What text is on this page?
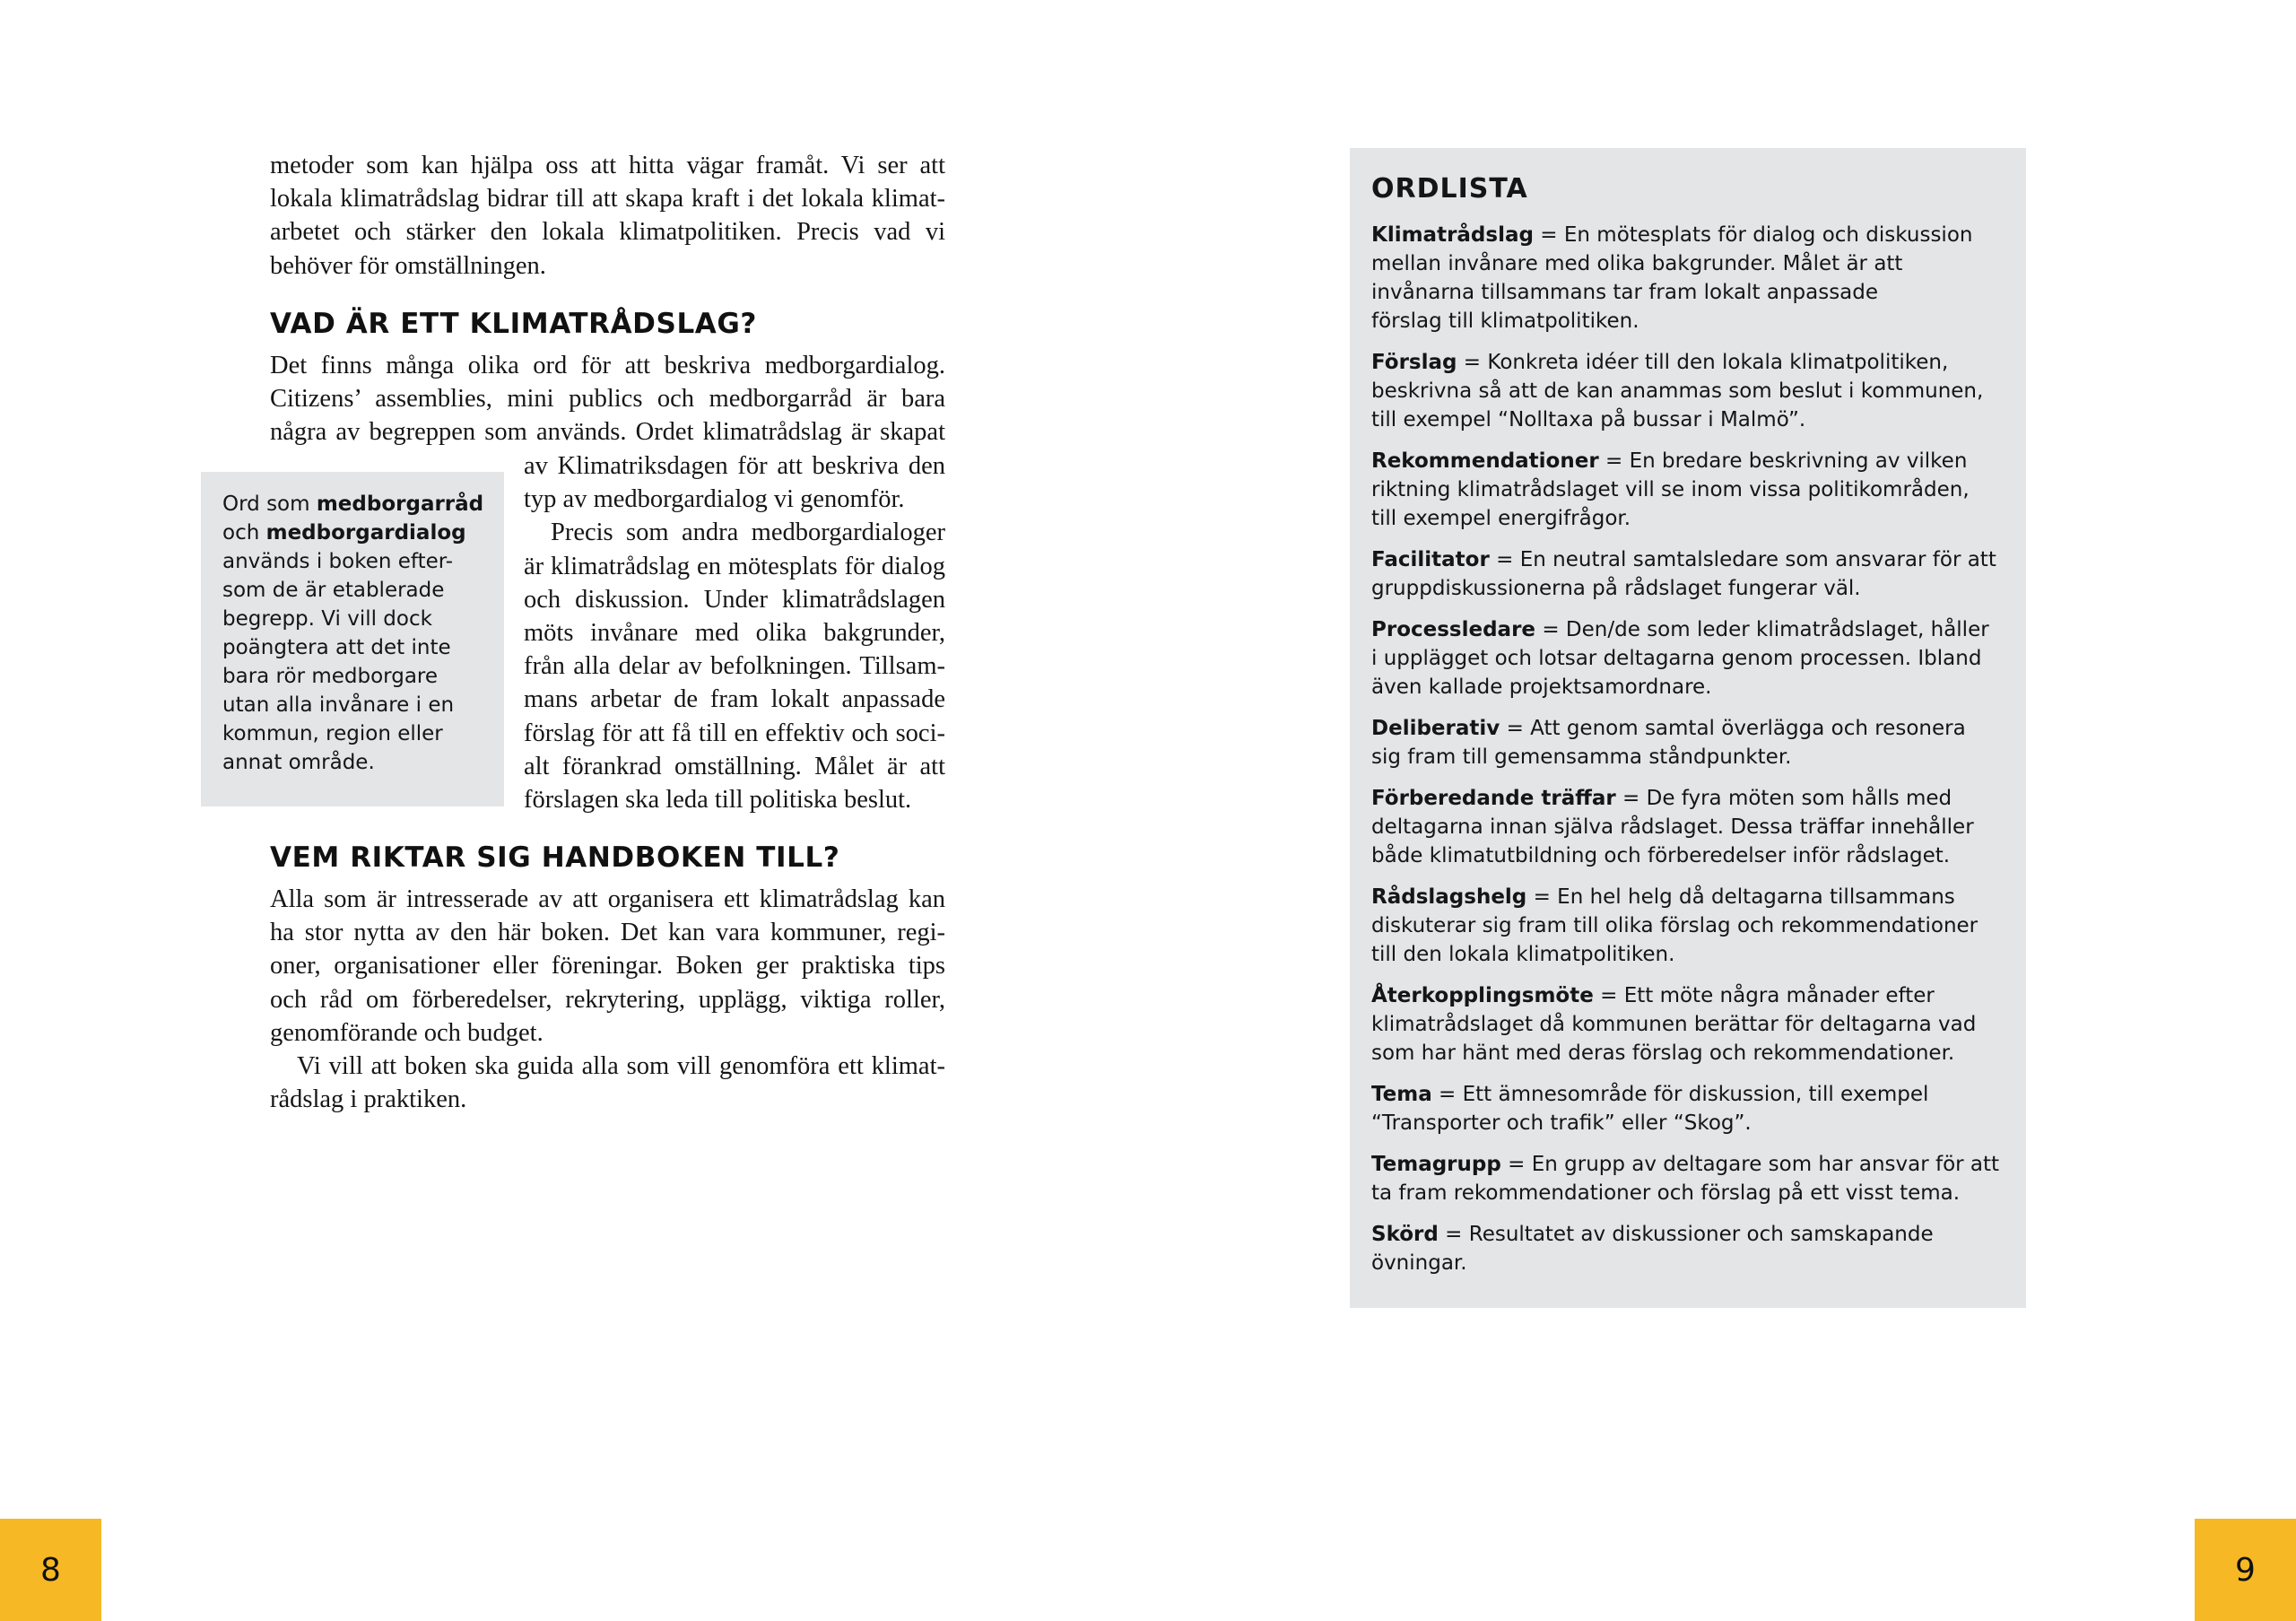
metoder som kan hjälpa oss att hitta vägar framåt. Vi ser att
lokala klimatrådslag bidrar till att skapa kraft i det lokala klimat-
arbetet och stärker den lokala klimatpolitiken. Precis vad vi
behöver för omställningen.
VAD ÄR ETT KLIMATRÅDSLAG?
Det finns många olika ord för att beskriva medborgardialog.
Citizens’ assemblies, mini publics och medborgarråd är bara
några av begreppen som används. Ordet klimatrådslag är skapat
av Klimatriksdagen för att beskriva den
typ av medborgardialog vi genomför.
Precis som andra medborgardialoger
är klimatrådslag en mötesplats för dialog
och diskussion. Under klimatrådslagen
möts invånare med olika bakgrunder,
från alla delar av befolkningen. Tillsam-
mans arbetar de fram lokalt anpassade
förslag för att få till en effektiv och soci-
alt förankrad omställning. Målet är att
förslagen ska leda till politiska beslut.
Ord som medborgarråd
och medborgardialog
används i boken efter-
som de är etablerade
begrepp. Vi vill dock
poängtera att det inte
bara rör medborgare
utan alla invånare i en
kommun, region eller
annat område.
VEM RIKTAR SIG HANDBOKEN TILL?
Alla som är intresserade av att organisera ett klimatrådslag kan
ha stor nytta av den här boken. Det kan vara kommuner, regi-
oner, organisationer eller föreningar. Boken ger praktiska tips
och råd om förberedelser, rekrytering, upplägg, viktiga roller,
genomförande och budget.
Vi vill att boken ska guida alla som vill genomföra ett klimat-
rådslag i praktiken.
8
ORDLISTA
Klimatrådslag = En mötesplats för dialog och diskussion
mellan invånare med olika bakgrunder. Målet är att
invånarna tillsammans tar fram lokalt anpassade
förslag till klimatpolitiken.
Förslag = Konkreta idéer till den lokala klimatpolitiken,
beskrivna så att de kan anammas som beslut i kommunen,
till exempel “Nolltaxa på bussar i Malmö”.
Rekommendationer = En bredare beskrivning av vilken
riktning klimatrådslaget vill se inom vissa politikområden,
till exempel energifrågor.
Facilitator = En neutral samtalsledare som ansvarar för att
gruppdiskussionerna på rådslaget fungerar väl.
Processledare = Den/de som leder klimatrådslaget, håller
i upplägget och lotsar deltagarna genom processen. Ibland
även kallade projektsamordnare.
Deliberativ = Att genom samtal överlägga och resonera
sig fram till gemensamma ståndpunkter.
Förberedande träffar = De fyra möten som hålls med
deltagarna innan själva rådslaget. Dessa träffar innehåller
både klimatutbildning och förberedelser inför rådslaget.
Rådslagshelg = En hel helg då deltagarna tillsammans
diskuterar sig fram till olika förslag och rekommendationer
till den lokala klimatpolitiken.
Återkopplingsmöte = Ett möte några månader efter
klimatrådslaget då kommunen berättar för deltagarna vad
som har hänt med deras förslag och rekommendationer.
Tema = Ett ämnesområde för diskussion, till exempel
“Transporter och trafik” eller “Skog”.
Temagrupp = En grupp av deltagare som har ansvar för att
ta fram rekommendationer och förslag på ett visst tema.
Skörd = Resultatet av diskussioner och samskapande
övningar.
9
